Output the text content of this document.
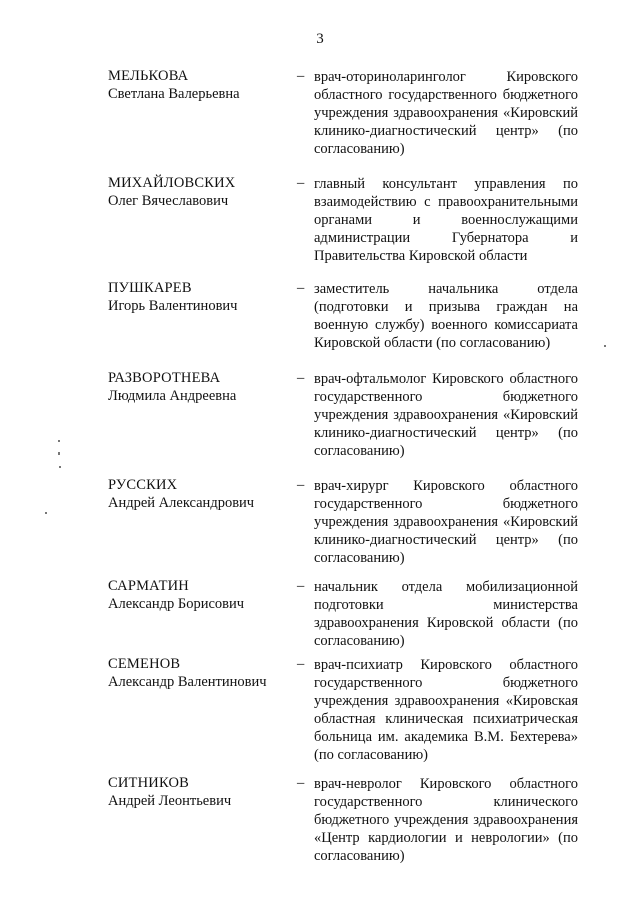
3
МЕЛЬКОВА
Светлана Валерьевна
– врач-оториноларинголог Кировского областного государственного бюджетного учреждения здравоохранения «Кировский клинико-диагностический центр» (по согласованию)
МИХАЙЛОВСКИХ
Олег Вячеславович
– главный консультант управления по взаимодействию с правоохранительными органами и военнослужащими администрации Губернатора и Правительства Кировской области
ПУШКАРЕВ
Игорь Валентинович
– заместитель начальника отдела (подготовки и призыва граждан на военную службу) военного комиссариата Кировской области (по согласованию)
РАЗВОРОТНЕВА
Людмила Андреевна
– врач-офтальмолог Кировского областного государственного бюджетного учреждения здравоохранения «Кировский клинико-диагностический центр» (по согласованию)
РУССКИХ
Андрей Александрович
– врач-хирург Кировского областного государственного бюджетного учреждения здравоохранения «Кировский клинико-диагностический центр» (по согласованию)
САРМАТИН
Александр Борисович
– начальник отдела мобилизационной подготовки министерства здравоохранения Кировской области (по согласованию)
СЕМЕНОВ
Александр Валентинович
– врач-психиатр Кировского областного государственного бюджетного учреждения здравоохранения «Кировская областная клиническая психиатрическая больница им. академика В.М. Бехтерева» (по согласованию)
СИТНИКОВ
Андрей Леонтьевич
– врач-невролог Кировского областного государственного клинического бюджетного учреждения здравоохранения «Центр кардиологии и неврологии» (по согласованию)
